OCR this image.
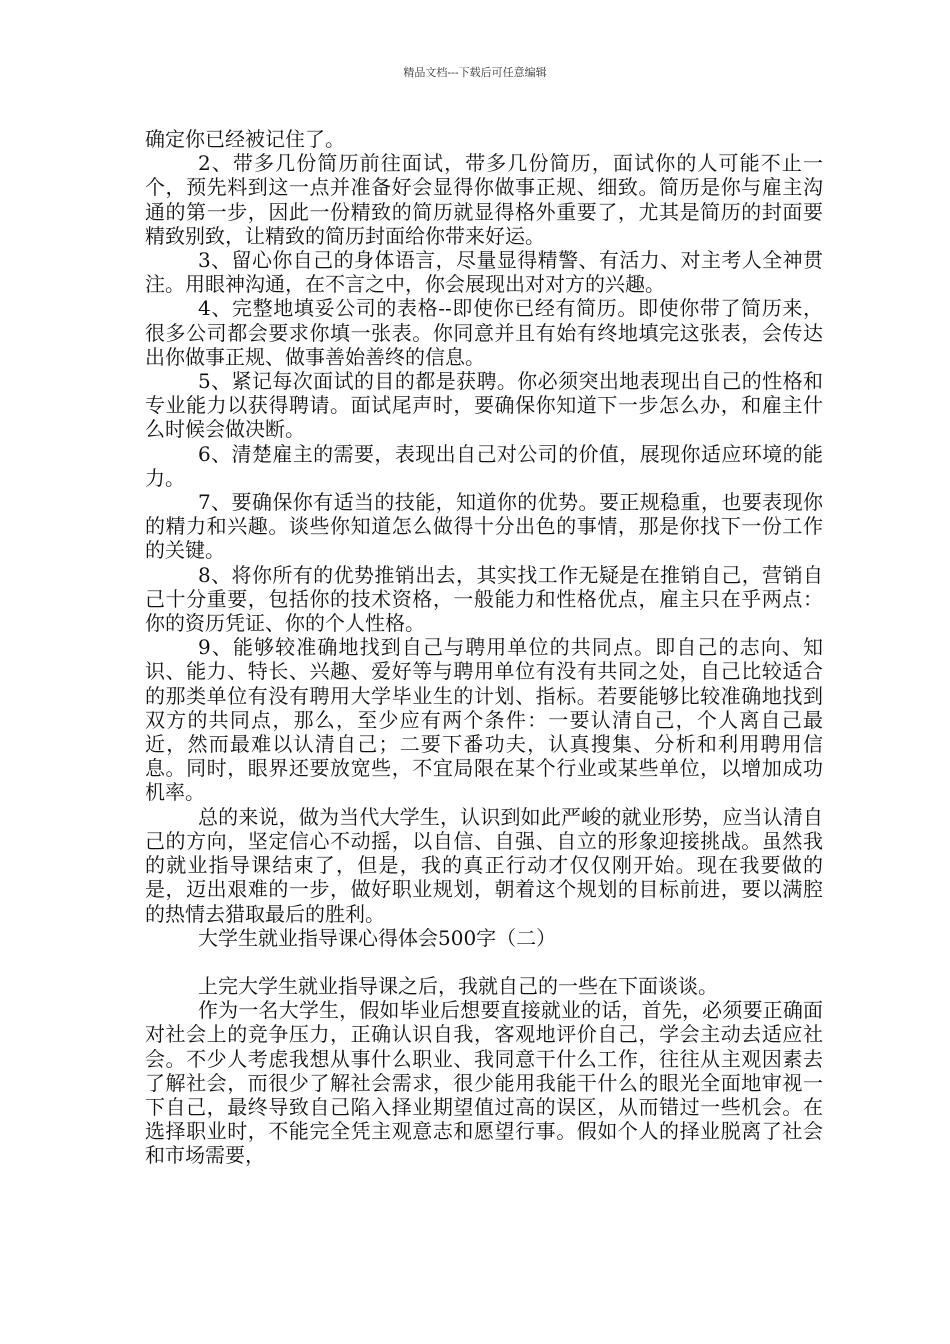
精品文档---下载后可任意编辑

确定你已经被记住了。

2、带多几份简历前往面试，带多几份简历，面试你的人可能不止一个，预先料到这一点并准备好会显得你做事正规、细致。简历是你与雇主沟通的第一步，因此一份精致的简历就显得格外重要了，尤其是简历的封面要精致别致，让精致的简历封面给你带来好运。

3、留心你自己的身体语言，尽量显得精警、有活力、对主考人全神贯注。用眼神沟通，在不言之中，你会展现出对对方的兴趣。

4、完整地填妥公司的表格--即使你已经有简历。即使你带了简历来，很多公司都会要求你填一张表。你同意并且有始有终地填完这张表，会传达出你做事正规、做事善始善终的信息。

5、紧记每次面试的目的都是获聘。你必须突出地表现出自己的性格和专业能力以获得聘请。面试尾声时，要确保你知道下一步怎么办，和雇主什么时候会做决断。

6、清楚雇主的需要，表现出自己对公司的价值，展现你适应环境的能力。

7、要确保你有适当的技能，知道你的优势。要正规稳重，也要表现你的精力和兴趣。谈些你知道怎么做得十分出色的事情，那是你找下一份工作的关键。

8、将你所有的优势推销出去，其实找工作无疑是在推销自己，营销自己十分重要，包括你的技术资格，一般能力和性格优点，雇主只在乎两点：你的资历凭证、你的个人性格。

9、能够较准确地找到自己与聘用单位的共同点。即自己的志向、知识、能力、特长、兴趣、爱好等与聘用单位有没有共同之处，自己比较适合的那类单位有没有聘用大学毕业生的计划、指标。若要能够比较准确地找到双方的共同点，那么，至少应有两个条件：一要认清自己，个人离自己最近，然而最难以认清自己；二要下番功夫，认真搜集、分析和利用聘用信息。同时，眼界还要放宽些，不宜局限在某个行业或某些单位，以增加成功机率。

总的来说，做为当代大学生，认识到如此严峻的就业形势，应当认清自己的方向，坚定信心不动摇，以自信、自强、自立的形象迎接挑战。虽然我的就业指导课结束了，但是，我的真正行动才仅仅刚开始。现在我要做的是，迈出艰难的一步，做好职业规划，朝着这个规划的目标前进，要以满腔的热情去猎取最后的胜利。

大学生就业指导课心得体会500字（二）

上完大学生就业指导课之后，我就自己的一些在下面谈谈。

作为一名大学生，假如毕业后想要直接就业的话，首先，必须要正确面对社会上的竞争压力，正确认识自我，客观地评价自己，学会主动去适应社会。不少人考虑我想从事什么职业、我同意干什么工作，往往从主观因素去了解社会，而很少了解社会需求，很少能用我能干什么的眼光全面地审视一下自己，最终导致自己陷入择业期望值过高的误区，从而错过一些机会。在选择职业时，不能完全凭主观意志和愿望行事。假如个人的择业脱离了社会和市场需要，
